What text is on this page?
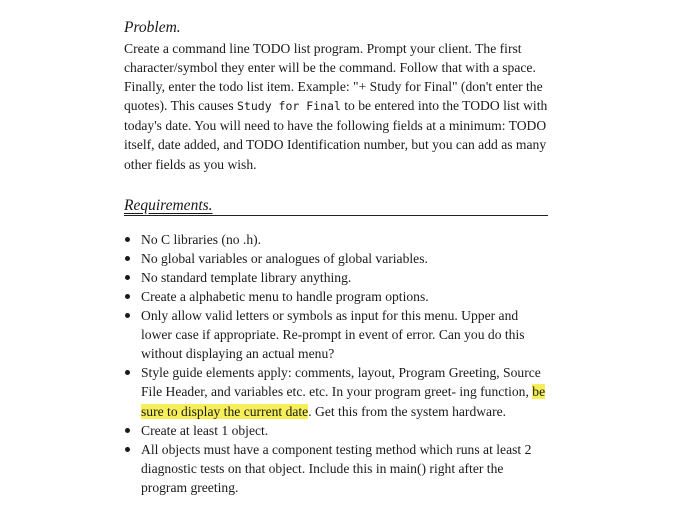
Problem.

Create a command line TODO list program. Prompt your client. The first character/symbol they enter will be the command. Follow that with a space. Finally, enter the todo list item. Example: "+ Study for Final" (don't enter the quotes). This causes Study for Final to be entered into the TODO list with today's date. You will need to have the following fields at a minimum: TODO itself, date added, and TODO Identification number, but you can add as many other fields as you wish.

Requirements.
No C libraries (no .h).
No global variables or analogues of global variables.
No standard template library anything.
Create a alphabetic menu to handle program options.
Only allow valid letters or symbols as input for this menu. Upper and lower case if appropriate. Re-prompt in event of error. Can you do this without displaying an actual menu?
Style guide elements apply: comments, layout, Program Greeting, Source File Header, and variables etc. etc. In your program greet- ing function, be sure to display the current date. Get this from the system hardware.
Create at least 1 object.
All objects must have a component testing method which runs at least 2 diagnostic tests on that object. Include this in main() right after the program greeting.
